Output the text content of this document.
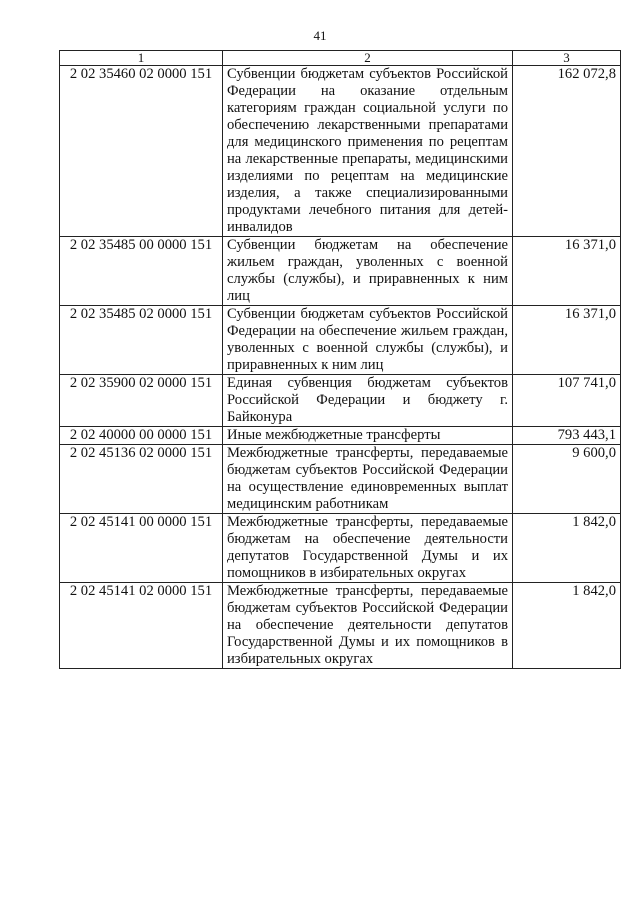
41
1	2	3
2 02 35460 02 0000 151	Субвенции бюджетам субъектов Российской Федерации на оказание отдельным категориям граждан социальной услуги по обеспечению лекарственными препаратами для медицинского применения по рецептам на лекарственные препараты, медицинскими изделиями по рецептам на медицинские изделия, а также специализированными продуктами лечебного питания для детей-инвалидов	162 072,8
2 02 35485 00 0000 151	Субвенции бюджетам на обеспечение жильем граждан, уволенных с военной службы (службы), и приравненных к ним лиц	16 371,0
2 02 35485 02 0000 151	Субвенции бюджетам субъектов Российской Федерации на обеспечение жильем граждан, уволенных с военной службы (службы), и приравненных к ним лиц	16 371,0
2 02 35900 02 0000 151	Единая субвенция бюджетам субъектов Российской Федерации и бюджету г. Байконура	107 741,0
2 02 40000 00 0000 151	Иные межбюджетные трансферты	793 443,1
2 02 45136 02 0000 151	Межбюджетные трансферты, передаваемые бюджетам субъектов Российской Федерации на осуществление единовременных выплат медицинским работникам	9 600,0
2 02 45141 00 0000 151	Межбюджетные трансферты, передаваемые бюджетам на обеспечение деятельности депутатов Государственной Думы и их помощников в избирательных округах	1 842,0
2 02 45141 02 0000 151	Межбюджетные трансферты, передаваемые бюджетам субъектов Российской Федерации на обеспечение деятельности депутатов Государственной Думы и их помощников в избирательных округах	1 842,0
